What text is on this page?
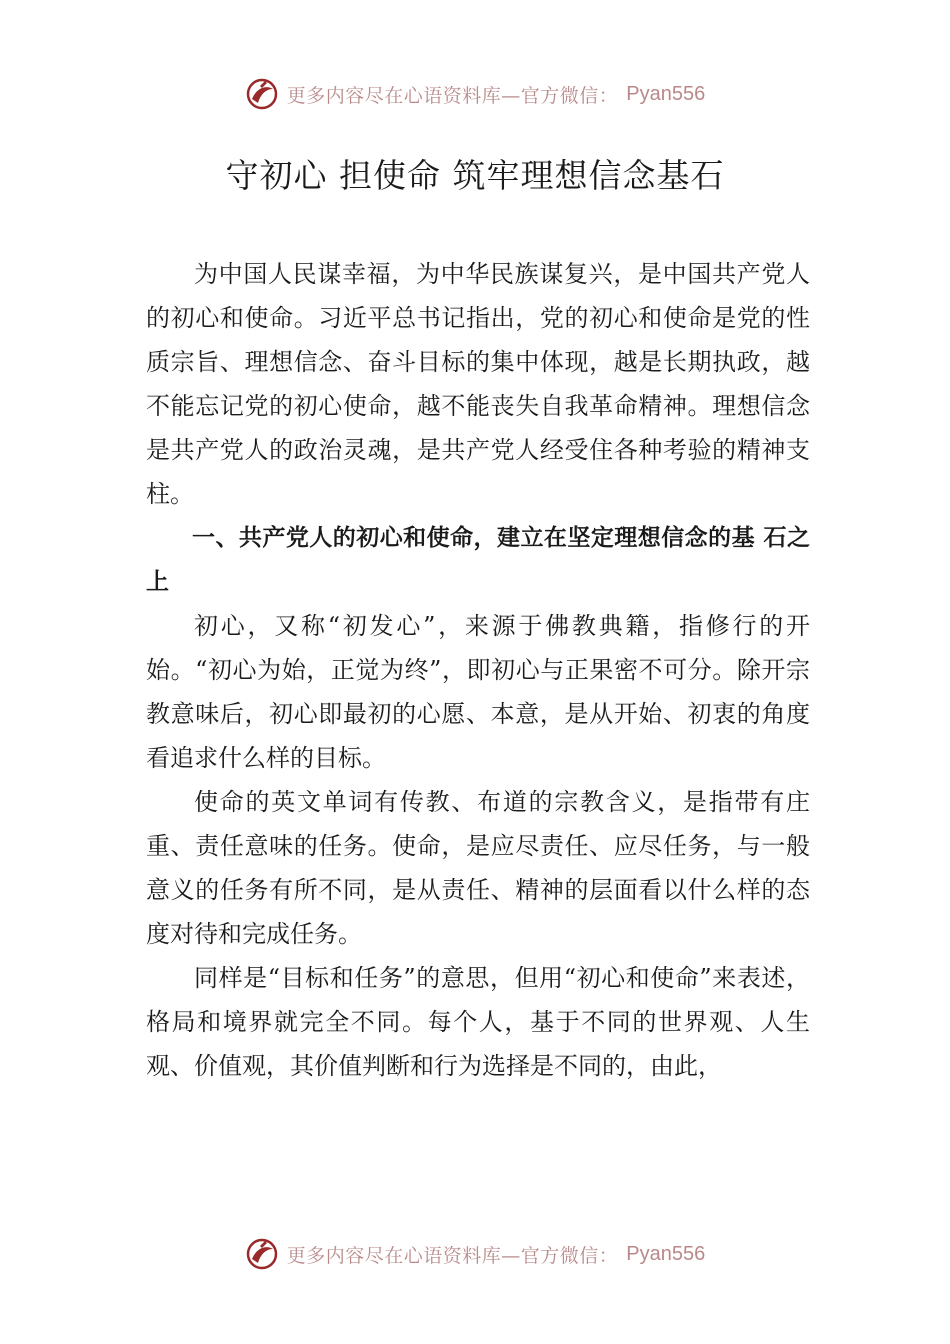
更多内容尽在心语资料库—官方微信： Pyan556
守初心 担使命 筑牢理想信念基石

为中国人民谋幸福，为中华民族谋复兴，是中国共产党人的初心和使命。习近平总书记指出，党的初心和使命是党的性质宗旨、理想信念、奋斗目标的集中体现，越是长期执政，越不能忘记党的初心使命，越不能丧失自我革命精神。理想信念是共产党人的政治灵魂，是共产党人经受住各种考验的精神支柱。

一、共产党人的初心和使命，建立在坚定理想信念的基 石之上

初心，又称“初发心”，来源于佛教典籍，指修行的开始。“初心为始，正觉为终”，即初心与正果密不可分。除开宗教意味后，初心即最初的心愿、本意，是从开始、初衷的角度看追求什么样的目标。

使命的英文单词有传教、布道的宗教含义，是指带有庄重、责任意味的任务。使命，是应尽责任、应尽任务，与一般意义的任务有所不同，是从责任、精神的层面看以什么样的态度对待和完成任务。

同样是“目标和任务”的意思，但用“初心和使命”来表述，格局和境界就完全不同。每个人，基于不同的世界观、人生观、价值观，其价值判断和行为选择是不同的，由此，

更多内容尽在心语资料库—官方微信： Pyan556
